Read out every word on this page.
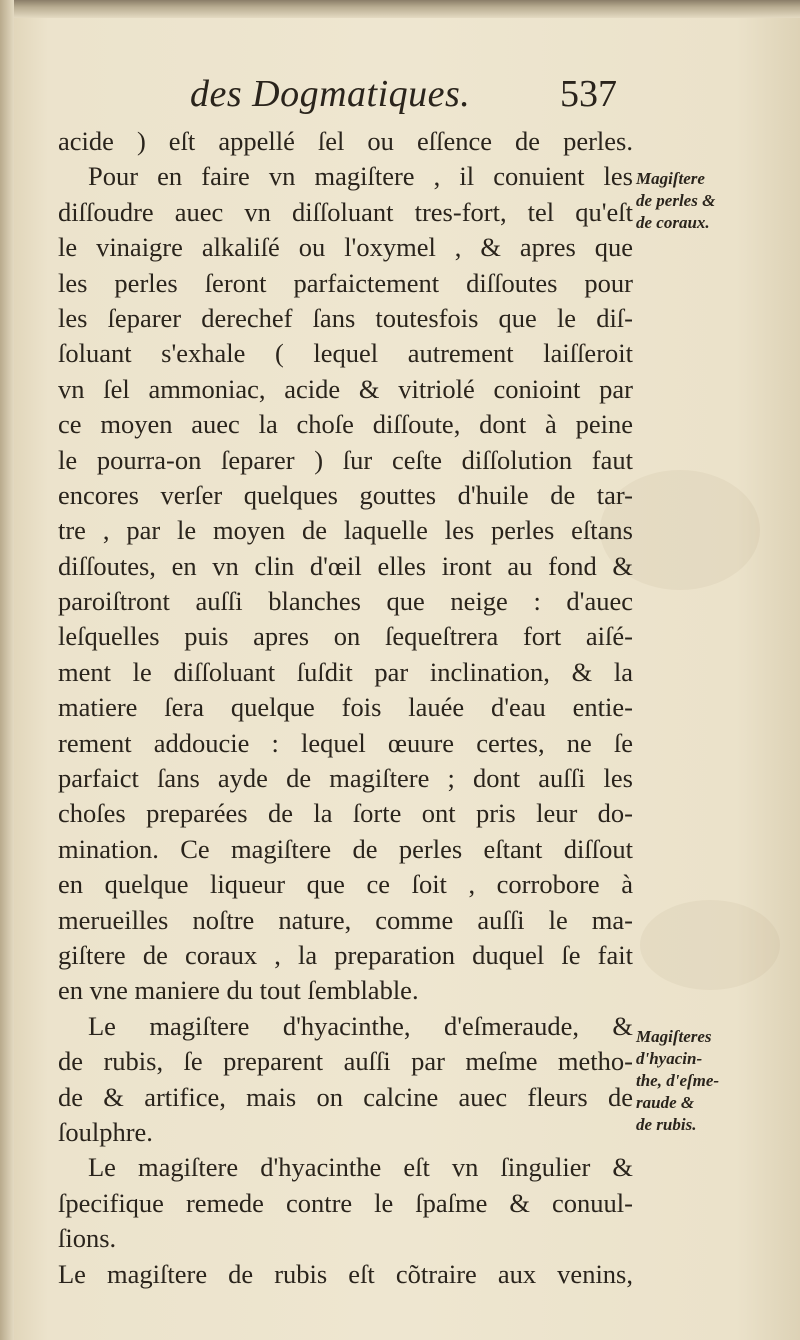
des Dogmatiques. 537
acide ) eſt appellé ſel ou eſſence de perles.
Pour en faire vn magiſtere , il conuient les
diſſoudre auec vn diſſoluant tres-fort, tel qu'eſt
le vinaigre alkaliſé ou l'oxymel , & apres que
les perles ſeront parfaictement diſſoutes pour
les ſeparer derechef ſans toutesfois que le diſ-
ſoluant s'exhale ( lequel autrement laiſſeroit
vn ſel ammoniac, acide & vitriolé conioint par
ce moyen auec la choſe diſſoute, dont à peine
le pourra-on ſeparer ) ſur ceſte diſſolution faut
encores verſer quelques gouttes d'huile de tar-
tre , par le moyen de laquelle les perles eſtans
diſſoutes, en vn clin d'œil elles iront au fond &
paroiſtront auſſi blanches que neige : d'auec
leſquelles puis apres on ſequeſtrera fort aiſé-
ment le diſſoluant ſuſdit par inclination, & la
matiere ſera quelque fois lauée d'eau entie-
rement addoucie : lequel œuure certes, ne ſe
parfaict ſans ayde de magiſtere ; dont auſſi les
choſes preparées de la ſorte ont pris leur do-
mination. Ce magiſtere de perles eſtant diſſout
en quelque liqueur que ce ſoit , corrobore à
merueilles noſtre nature, comme auſſi le ma-
giſtere de coraux , la preparation duquel ſe fait
en vne maniere du tout ſemblable.
Le magiſtere d'hyacinthe, d'eſmeraude, &
de rubis, ſe preparent auſſi par meſme metho-
de & artifice, mais on calcine auec fleurs de
ſoulphre.
Le magiſtere d'hyacinthe eſt vn ſingulier &
ſpecifique remede contre le ſpaſme & conuul-
ſions.
Le magiſtere de rubis eſt cõtraire aux venins,
Magiſtere
de perles &
de coraux.
Magiſteres
d'hyacin-
the, d'eſme-
raude &
de rubis.
